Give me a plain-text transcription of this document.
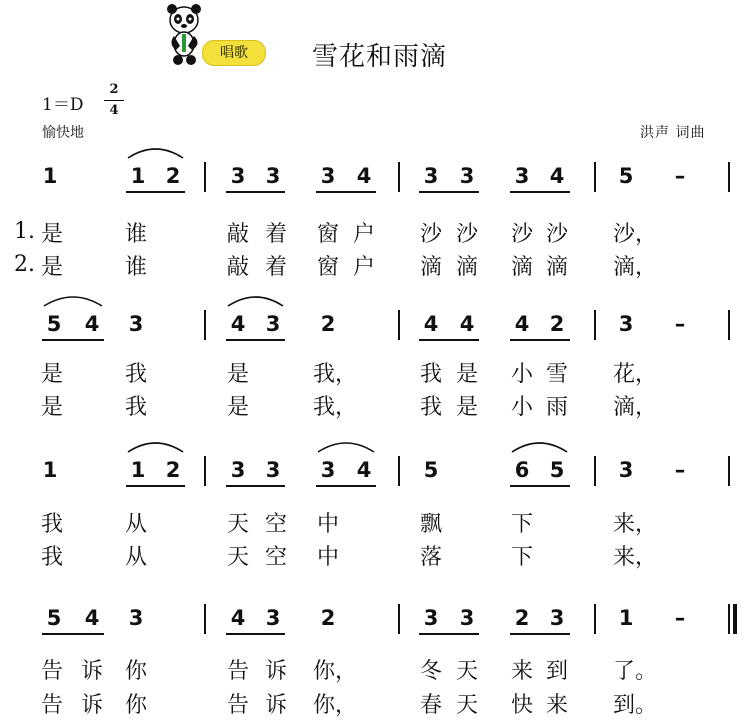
唱歌	雪花和雨滴
1＝D
2
4
愉快地	洪声 词曲
1.
2.
1	1 2 3 3 3 4 3 3 3 4	5	–
是	谁	敲 着 窗 户 沙 沙 沙 沙 沙，
是	谁	敲 着 窗 户 滴 滴 滴 滴 滴，
5 4 3	4 3 2	4 4 4 2	3	–
是	我	是	我，	我 是 小 雪 花，
是	我	是	我，	我 是 小 雨 滴，
1	1 2 3 3 3 4 5	6 5	3	–
我	从	天 空 中	飘	下	来，
我	从	天 空 中	落	下	来，
5 4 3	4 3 2	3 3 2 3	1	–
告 诉 你	告 诉 你，	冬 天 来 到 了。
告 诉 你	告 诉 你，	春 天 快 来 到。
